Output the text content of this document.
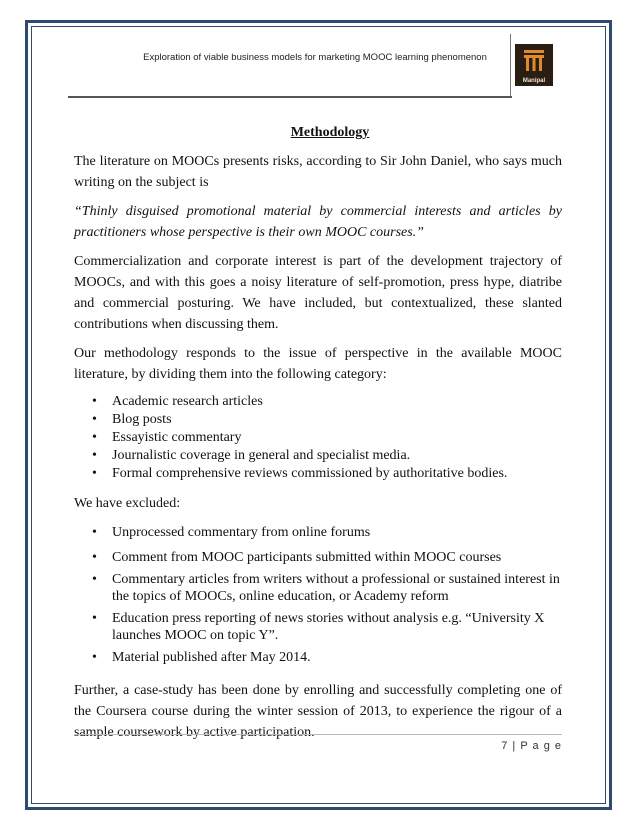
Exploration of viable business models for marketing MOOC learning phenomenon
Manipal
Methodology

The literature on MOOCs presents risks, according to Sir John Daniel, who says much writing on the subject is

“Thinly disguised promotional material by commercial interests and articles by practitioners whose perspective is their own MOOC courses.”

Commercialization and corporate interest is part of the development trajectory of MOOCs, and with this goes a noisy literature of self-promotion, press hype, diatribe and commercial posturing. We have included, but contextualized, these slanted contributions when discussing them.

Our methodology responds to the issue of perspective in the available MOOC literature, by dividing them into the following category:

• Academic research articles
• Blog posts
• Essayistic commentary
• Journalistic coverage in general and specialist media.
• Formal comprehensive reviews commissioned by authoritative bodies.

We have excluded:

• Unprocessed commentary from online forums
• Comment from MOOC participants submitted within MOOC courses
• Commentary articles from writers without a professional or sustained interest in the topics of MOOCs, online education, or Academy reform
• Education press reporting of news stories without analysis e.g. “University X launches MOOC on topic Y”.
• Material published after May 2014.

Further, a case-study has been done by enrolling and successfully completing one of the Coursera course during the winter session of 2013, to experience the rigour of a sample coursework by active participation.

7 | P a g e
